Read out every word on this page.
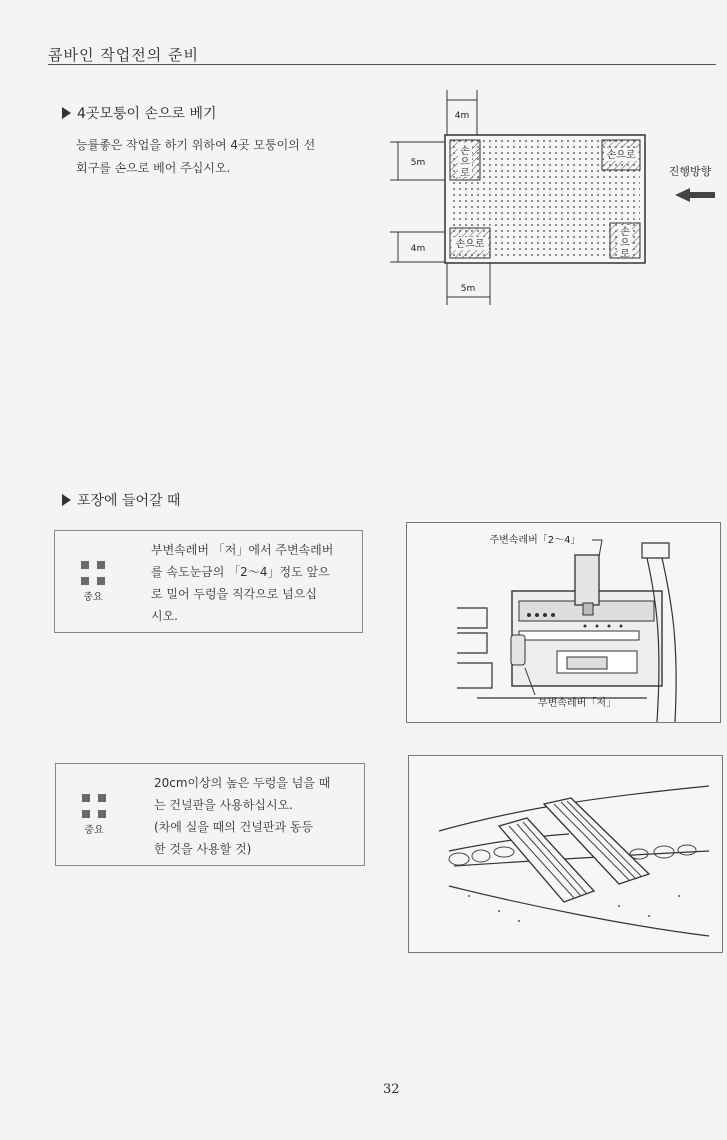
콤바인 작업전의 준비
4곳모퉁이 손으로 베기
능률좋은 작업을 하기 위하여 4곳 모퉁이의 선
회구를 손으로 베어 주십시오.
손
으
로
손으로
손으로
손
으
로
4m
5m
4m
5m
진행방향
포장에 들어갈 때
중요
부변속레버 「저」에서 주변속레버
를 속도눈금의 「2～4」정도 앞으
로 밀어 두렁을 직각으로 넘으십
시오.
주변속레버「2～4」
부변속레버「저」
중요
20cm이상의 높은 두렁을 넘을 때
는 건널판을 사용하십시오.
(차에 실을 때의 건널판과 동등
한 것을 사용할 것)
32
